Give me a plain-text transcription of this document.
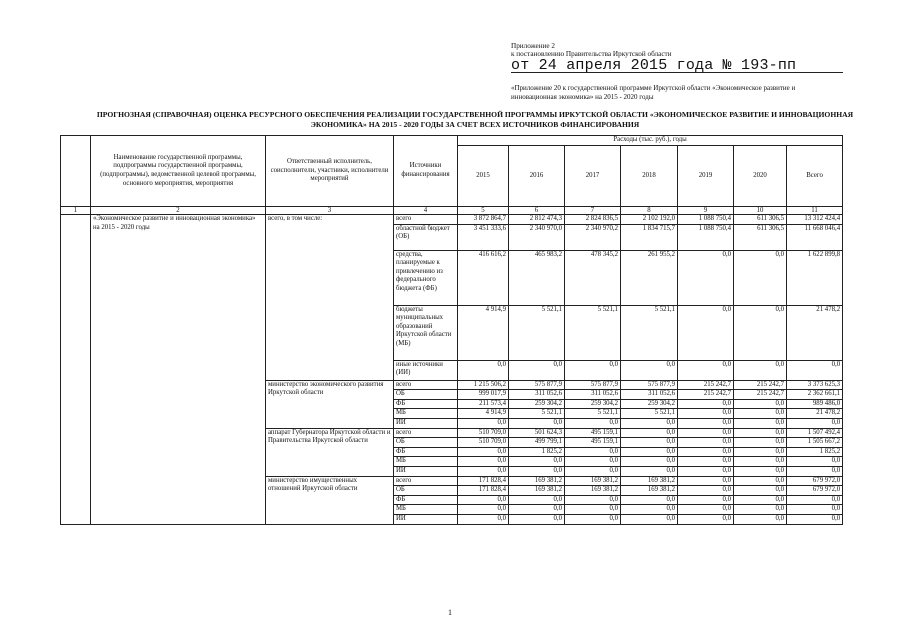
Приложение 2
к постановлению Правительства Иркутской области
от 24 апреля 2015 года № 193-пп
«Приложение 20 к государственной программе Иркутской области «Экономическое развитие и инновационная экономика» на 2015 - 2020 годы
ПРОГНОЗНАЯ (СПРАВОЧНАЯ) ОЦЕНКА РЕСУРСНОГО ОБЕСПЕЧЕНИЯ РЕАЛИЗАЦИИ ГОСУДАРСТВЕННОЙ ПРОГРАММЫ ИРКУТСКОЙ ОБЛАСТИ «ЭКОНОМИЧЕСКОЕ РАЗВИТИЕ И ИННОВАЦИОННАЯ ЭКОНОМИКА» НА 2015 - 2020 ГОДЫ ЗА СЧЕТ ВСЕХ ИСТОЧНИКОВ ФИНАНСИРОВАНИЯ
	Наименование государственной программы, подпрограммы государственной программы, (подпрограммы), ведомственной целевой программы, основного мероприятия, мероприятия	Ответственный исполнитель, соисполнители, участники, исполнители мероприятий	Источники финансирования	Расходы (тыс. руб.), годы						
				2015	2016	2017	2018	2019	2020	Всего
1	2	3	4	5	6	7	8	9	10	11
	«Экономическое развитие и инновационная экономика» на 2015 - 2020 годы	всего, в том числе:	всего	3 872 864,7	2 812 474,3	2 824 836,5	2 102 192,0	1 088 750,4	611 306,5	13 312 424,4
			областной бюджет (ОБ)	3 451 333,6	2 340 970,0	2 340 970,2	1 834 715,7	1 088 750,4	611 306,5	11 668 046,4
			средства, планируемые к привлечению из федерального бюджета (ФБ)	416 616,2	465 983,2	478 345,2	261 955,2	0,0	0,0	1 622 899,8
			бюджеты муниципальных образований Иркутской области (МБ)	4 914,9	5 521,1	5 521,1	5 521,1	0,0	0,0	21 478,2
			иные источники (ИИ)	0,0	0,0	0,0	0,0	0,0	0,0	0,0
		министерство экономического развития Иркутской области	всего	1 215 506,2	575 877,9	575 877,9	575 877,9	215 242,7	215 242,7	3 373 625,3
			ОБ	999 017,9	311 052,6	311 052,6	311 052,6	215 242,7	215 242,7	2 362 661,1
			ФБ	211 573,4	259 304,2	259 304,2	259 304,2	0,0	0,0	989 486,0
			МБ	4 914,9	5 521,1	5 521,1	5 521,1	0,0	0,0	21 478,2
			ИИ	0,0	0,0	0,0	0,0	0,0	0,0	0,0
		аппарат Губернатора Иркутской области и Правительства Иркутской области	всего	510 709,0	501 624,3	495 159,1	0,0	0,0	0,0	1 507 492,4
			ОБ	510 709,0	499 799,1	495 159,1	0,0	0,0	0,0	1 505 667,2
			ФБ	0,0	1 825,2	0,0	0,0	0,0	0,0	1 825,2
			МБ	0,0	0,0	0,0	0,0	0,0	0,0	0,0
			ИИ	0,0	0,0	0,0	0,0	0,0	0,0	0,0
		министерство имущественных отношений Иркутской области	всего	171 828,4	169 381,2	169 381,2	169 381,2	0,0	0,0	679 972,0
			ОБ	171 828,4	169 381,2	169 381,2	169 381,2	0,0	0,0	679 972,0
			ФБ	0,0	0,0	0,0	0,0	0,0	0,0	0,0
			МБ	0,0	0,0	0,0	0,0	0,0	0,0	0,0
			ИИ	0,0	0,0	0,0	0,0	0,0	0,0	0,0
1
